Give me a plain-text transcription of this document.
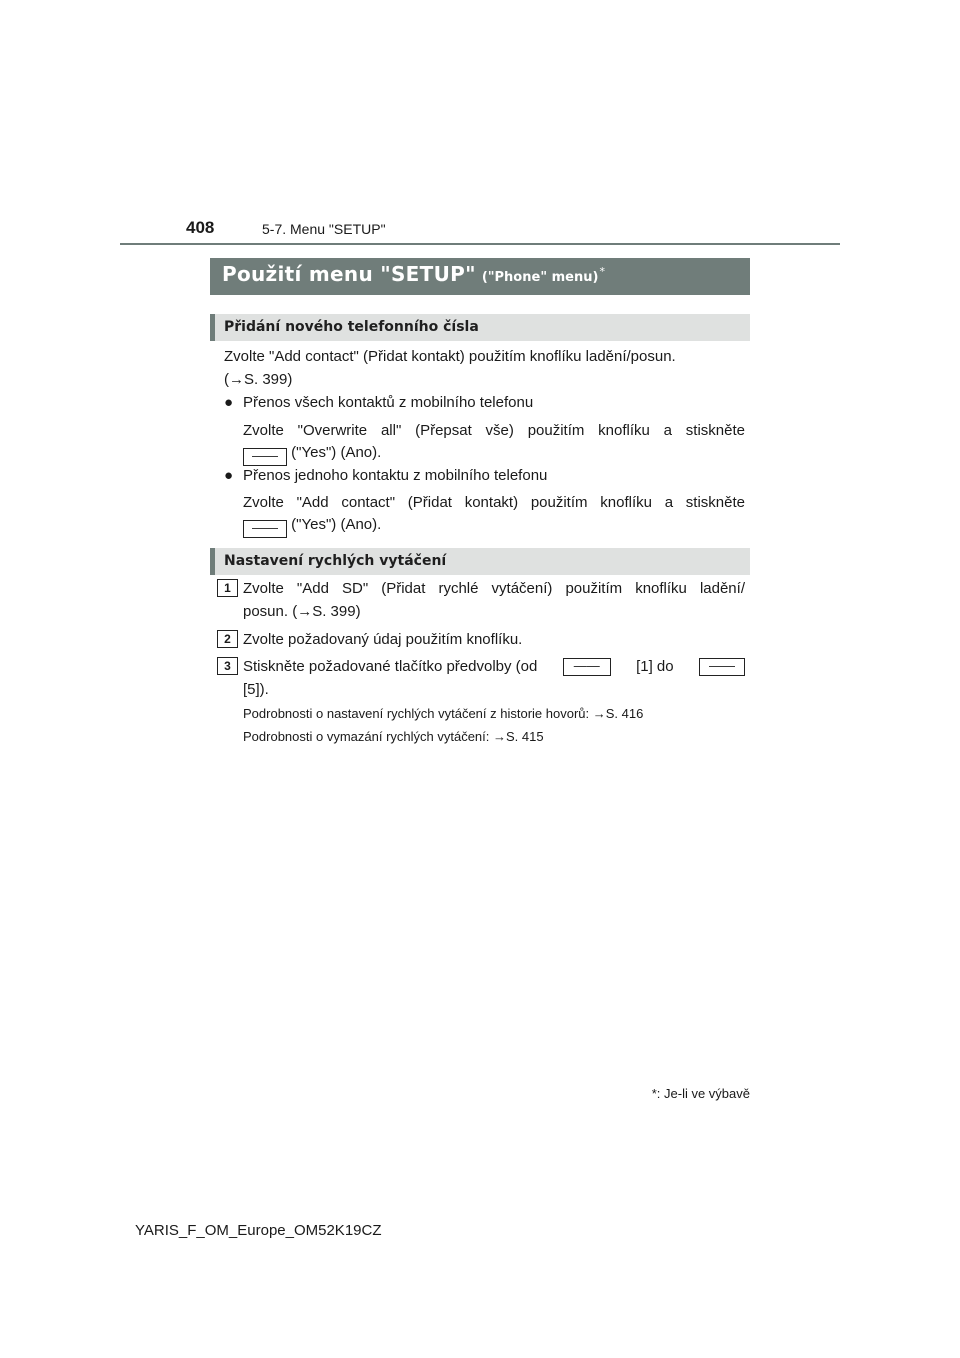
408	5-7. Menu "SETUP"
Použití menu "SETUP" ("Phone" menu)*
Přidání nového telefonního čísla
Zvolte "Add contact" (Přidat kontakt) použitím knoflíku ladění/posun.
(→S. 399)
● Přenos všech kontaktů z mobilního telefonu
Zvolte "Overwrite all" (Přepsat vše) použitím knoflíku a stiskněte
—— ("Yes") (Ano).
● Přenos jednoho kontaktu z mobilního telefonu
Zvolte "Add contact" (Přidat kontakt) použitím knoflíku a stiskněte
—— ("Yes") (Ano).
Nastavení rychlých vytáčení
1 Zvolte "Add SD" (Přidat rychlé vytáčení) použitím knoflíku ladění/
posun. (→S. 399)
2 Zvolte požadovaný údaj použitím knoflíku.
3 Stiskněte požadované tlačítko předvolby (od	——	[1] do	——
[5]).
Podrobnosti o nastavení rychlých vytáčení z historie hovorů: →S. 416
Podrobnosti o vymazání rychlých vytáčení: →S. 415
*: Je-li ve výbavě
YARIS_F_OM_Europe_OM52K19CZ
